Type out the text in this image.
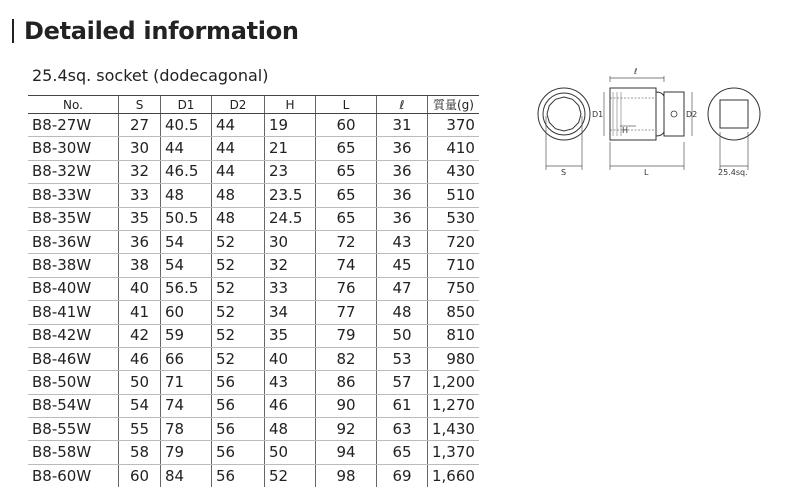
Detailed information
25.4sq. socket (dodecagonal)
No.	S	D1	D2	H	L	ℓ	質量(g)
B8-27W	27	40.5	44	19	60	31	370
B8-30W	30	44	44	21	65	36	410
B8-32W	32	46.5	44	23	65	36	430
B8-33W	33	48	48	23.5	65	36	510
B8-35W	35	50.5	48	24.5	65	36	530
B8-36W	36	54	52	30	72	43	720
B8-38W	38	54	52	32	74	45	710
B8-40W	40	56.5	52	33	76	47	750
B8-41W	41	60	52	34	77	48	850
B8-42W	42	59	52	35	79	50	810
B8-46W	46	66	52	40	82	53	980
B8-50W	50	71	56	43	86	57	1,200
B8-54W	54	74	56	46	90	61	1,270
B8-55W	55	78	56	48	92	63	1,430
B8-58W	58	79	56	50	94	65	1,370
B8-60W	60	84	56	52	98	69	1,660
S
ℓ
D1
H
L
D2
25.4sq.
